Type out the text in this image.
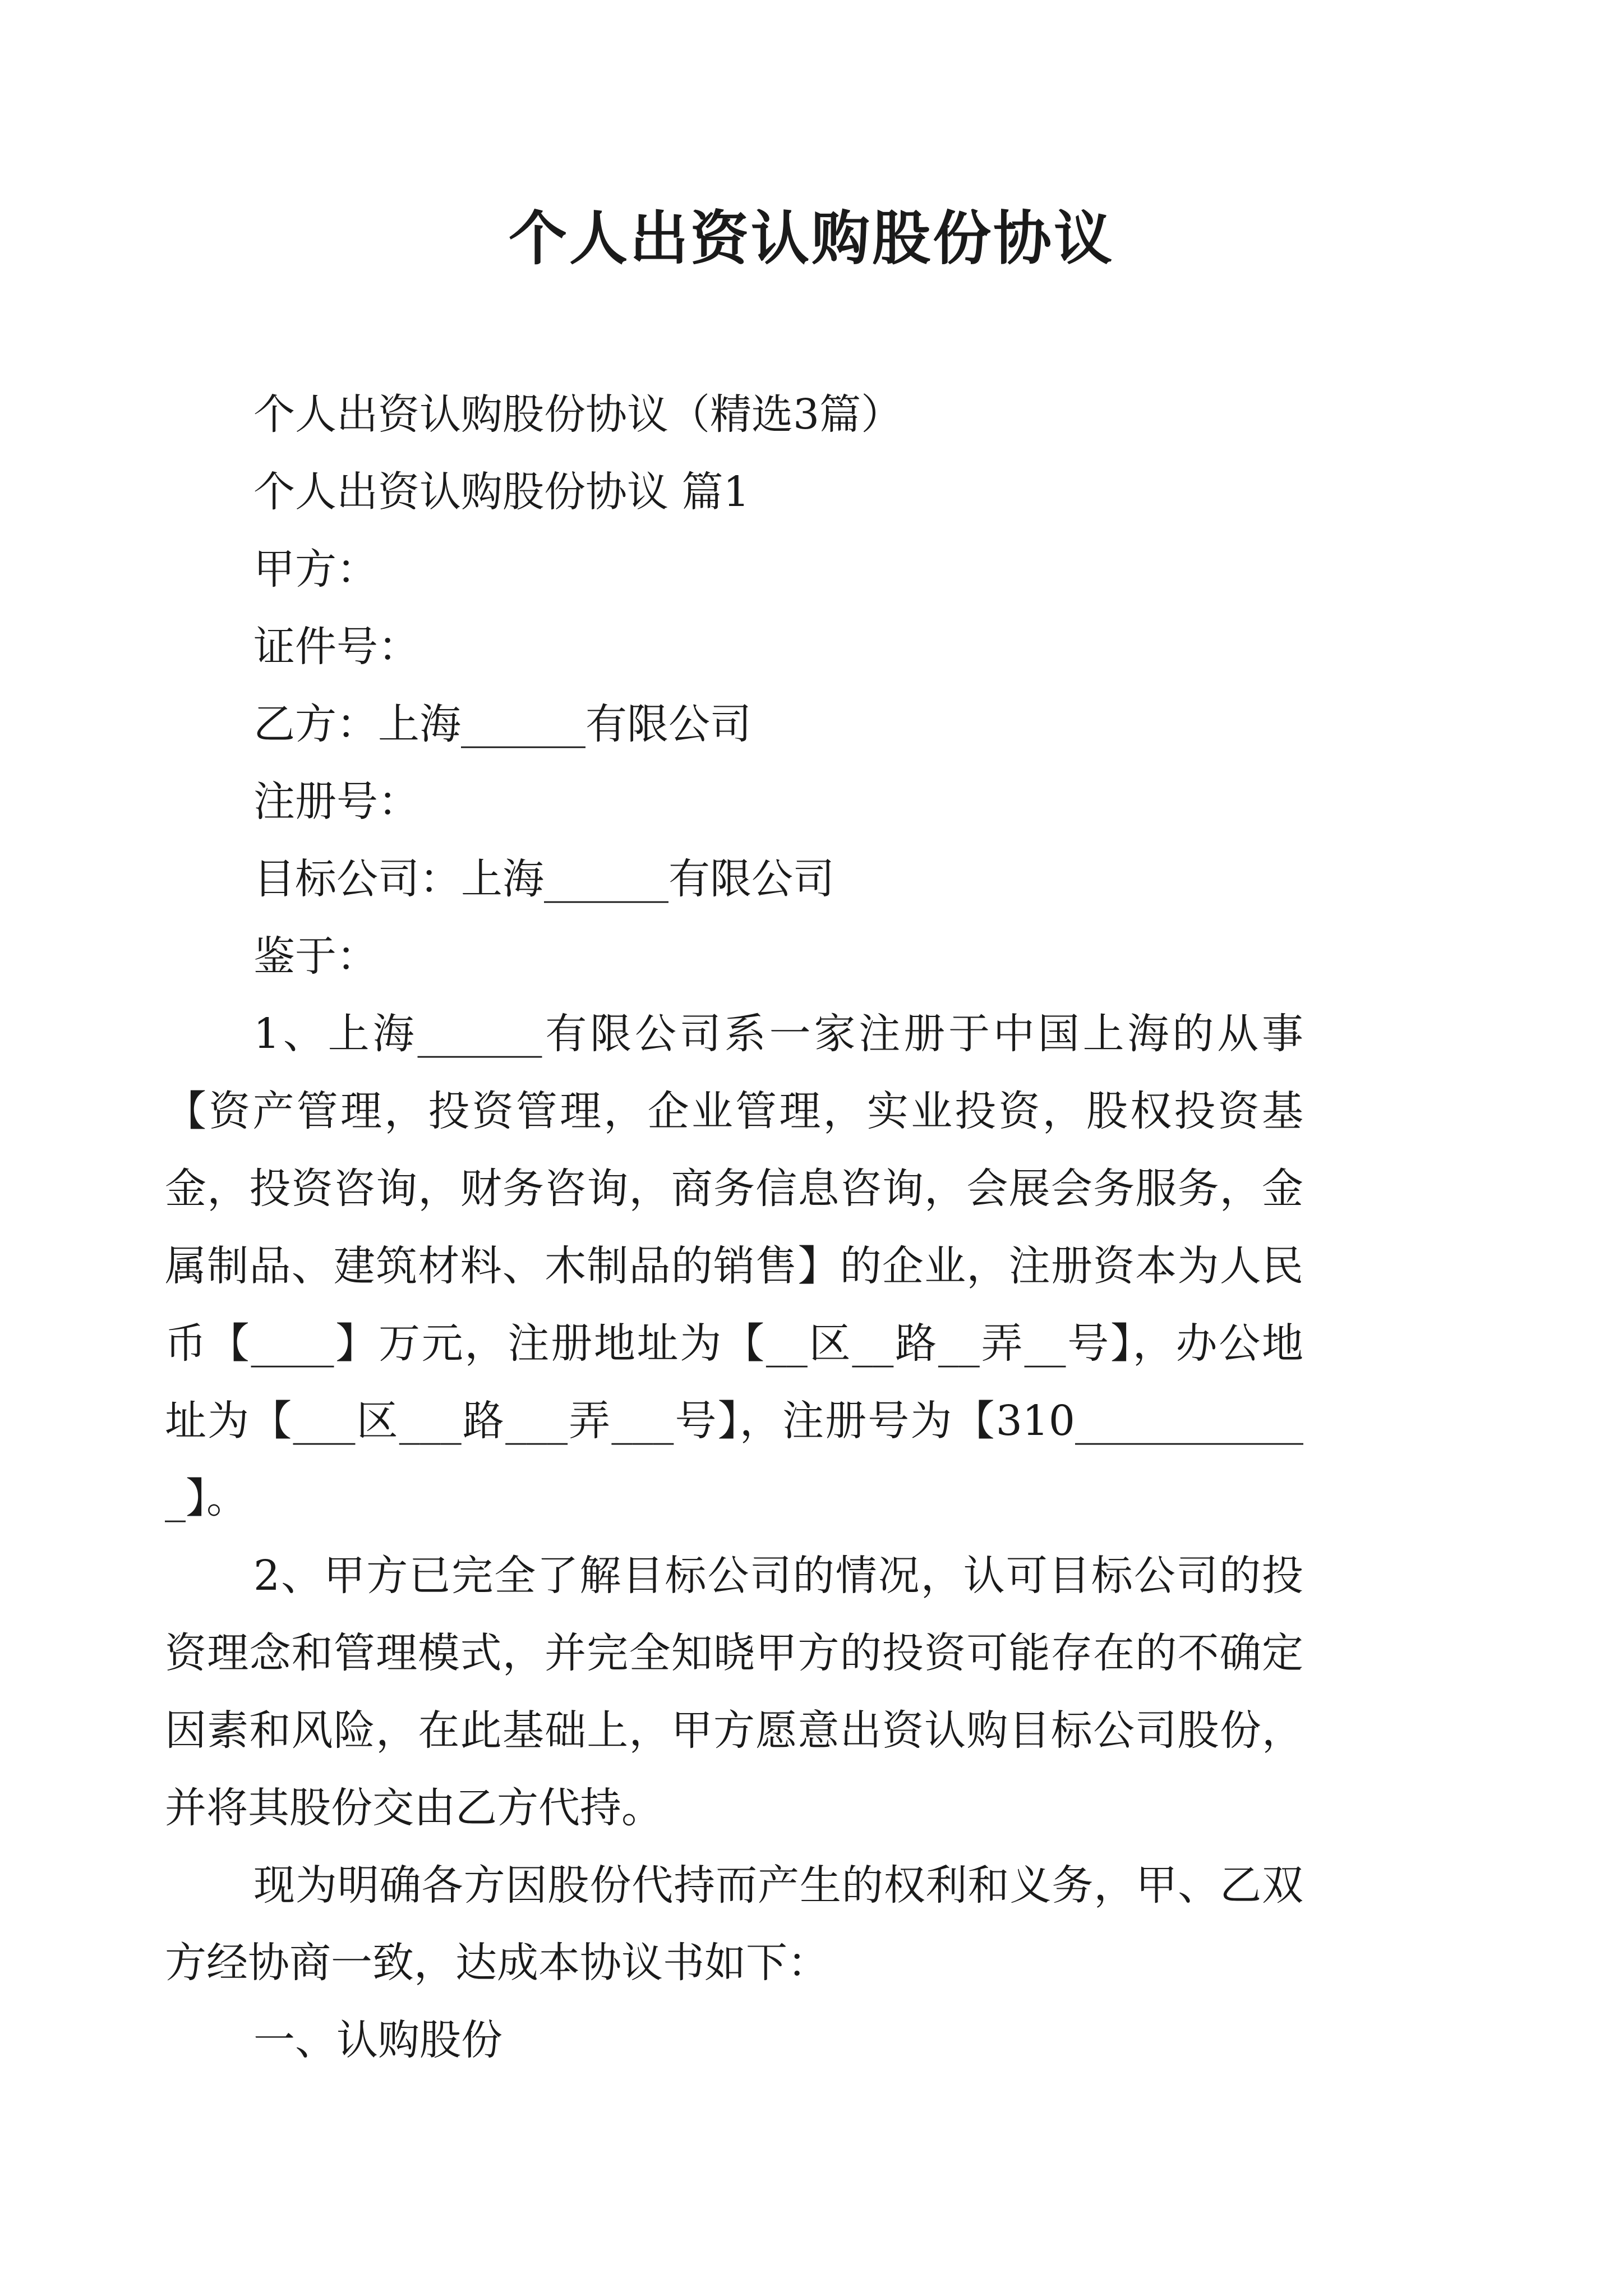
个人出资认购股份协议

个人出资认购股份协议（精选3篇）

个人出资认购股份协议 篇1

甲方：

证件号：

乙方：上海______有限公司

注册号：

目标公司：上海______有限公司

鉴于：

1、上海______有限公司系一家注册于中国上海的从事【资产管理，投资管理，企业管理，实业投资，股权投资基金，投资咨询，财务咨询，商务信息咨询，会展会务服务，金属制品、建筑材料、木制品的销售】的企业，注册资本为人民币【____】万元，注册地址为【__区__路__弄__号】，办公地址为【___区___路___弄___号】，注册号为【310____________】。

2、甲方已完全了解目标公司的情况，认可目标公司的投资理念和管理模式，并完全知晓甲方的投资可能存在的不确定因素和风险，在此基础上，甲方愿意出资认购目标公司股份，并将其股份交由乙方代持。

现为明确各方因股份代持而产生的权利和义务，甲、乙双方经协商一致，达成本协议书如下：

一、认购股份
